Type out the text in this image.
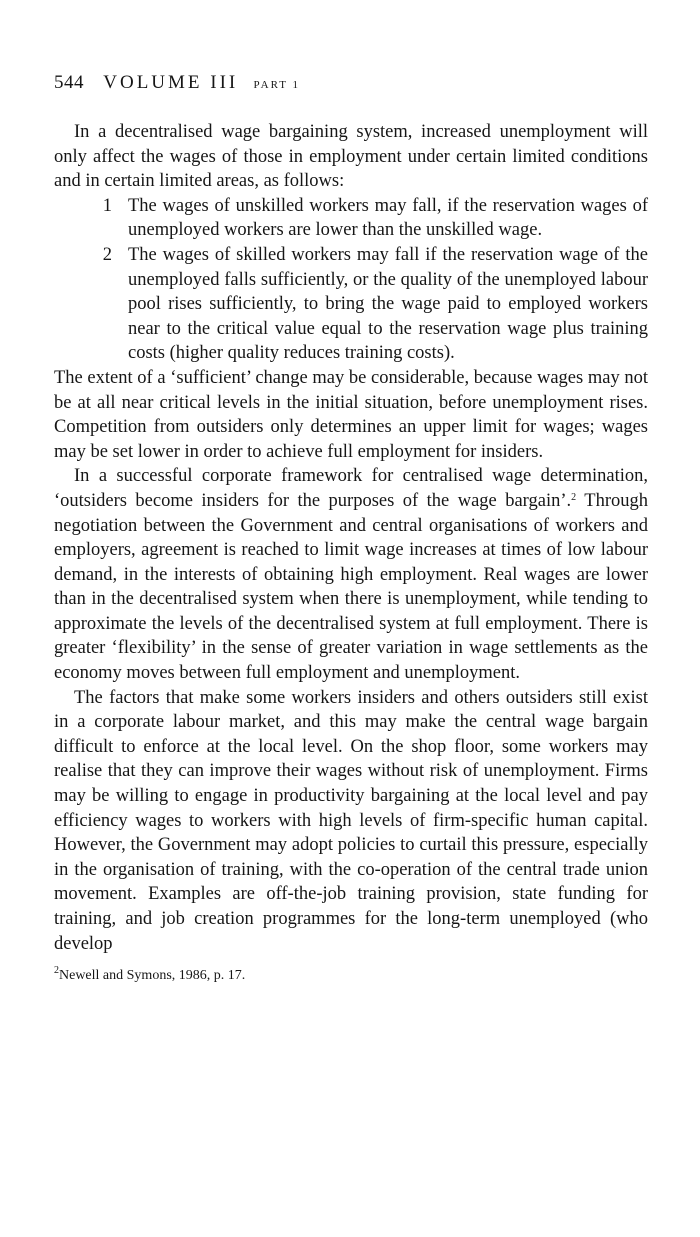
544 VOLUME III PART 1

In a decentralised wage bargaining system, increased unemployment will only affect the wages of those in employment under certain limited conditions and in certain limited areas, as follows:

1 The wages of unskilled workers may fall, if the reservation wages of unemployed workers are lower than the unskilled wage.
2 The wages of skilled workers may fall if the reservation wage of the unemployed falls sufficiently, or the quality of the unemployed labour pool rises sufficiently, to bring the wage paid to employed workers near to the critical value equal to the reservation wage plus training costs (higher quality reduces training costs).

The extent of a ‘sufficient’ change may be considerable, because wages may not be at all near critical levels in the initial situation, before unemployment rises. Competition from outsiders only determines an upper limit for wages; wages may be set lower in order to achieve full employment for insiders.

In a successful corporate framework for centralised wage determination, ‘outsiders become insiders for the purposes of the wage bargain’.$^2$ Through negotiation between the Government and central organisations of workers and employers, agreement is reached to limit wage increases at times of low labour demand, in the interests of obtaining high employment. Real wages are lower than in the decentralised system when there is unemployment, while tending to approximate the levels of the decentralised system at full employment. There is greater ‘flexibility’ in the sense of greater variation in wage settlements as the economy moves between full employment and unemployment.

The factors that make some workers insiders and others outsiders still exist in a corporate labour market, and this may make the central wage bargain difficult to enforce at the local level. On the shop floor, some workers may realise that they can improve their wages without risk of unemployment. Firms may be willing to engage in productivity bargaining at the local level and pay efficiency wages to workers with high levels of firm-specific human capital. However, the Government may adopt policies to curtail this pressure, especially in the organisation of training, with the co-operation of the central trade union movement. Examples are off-the-job training provision, state funding for training, and job creation programmes for the long-term unemployed (who develop

$^2$Newell and Symons, 1986, p. 17.
